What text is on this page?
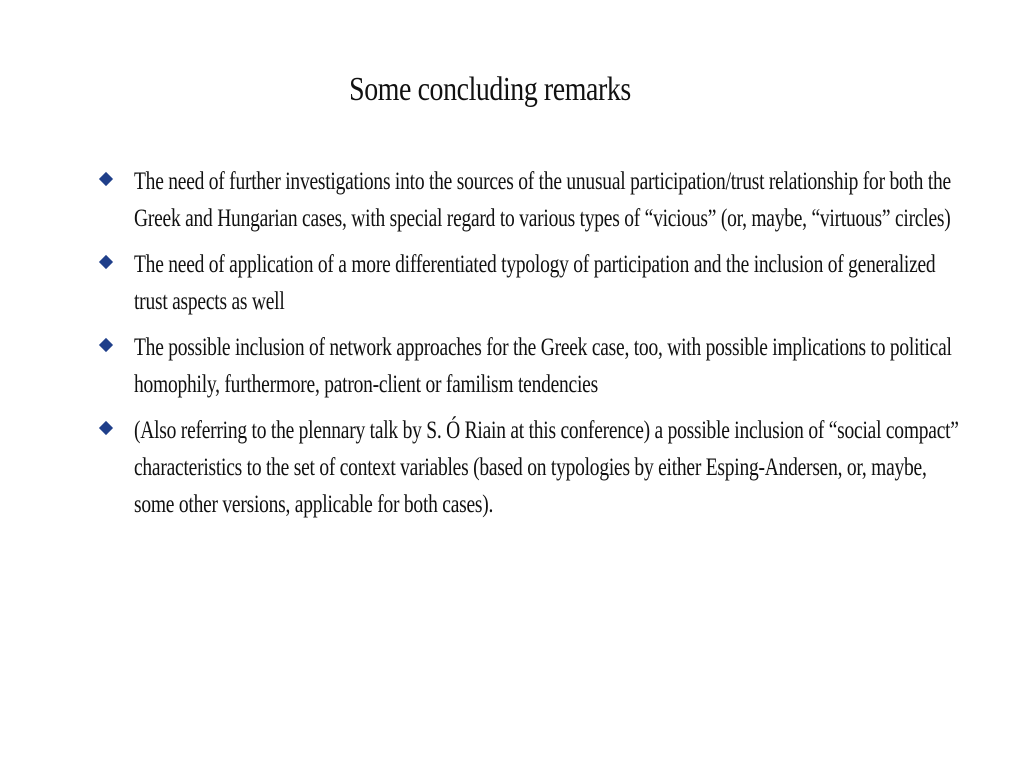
Some concluding remarks
The need of further investigations into the sources of the unusual participation/trust relationship for both the Greek and Hungarian cases, with special regard to various types of “vicious” (or, maybe, “virtuous” circles)
The need of application of a more differentiated typology of participation and the inclusion of generalized trust aspects as well
The possible inclusion of network approaches for the Greek case, too, with possible implications to political homophily, furthermore, patron-client or familism tendencies
(Also referring to the plennary talk by S. Ó Riain at this conference) a possible inclusion of “social compact” characteristics to the set of context variables (based on typologies by either Esping-Andersen, or, maybe, some other versions, applicable for both cases).
